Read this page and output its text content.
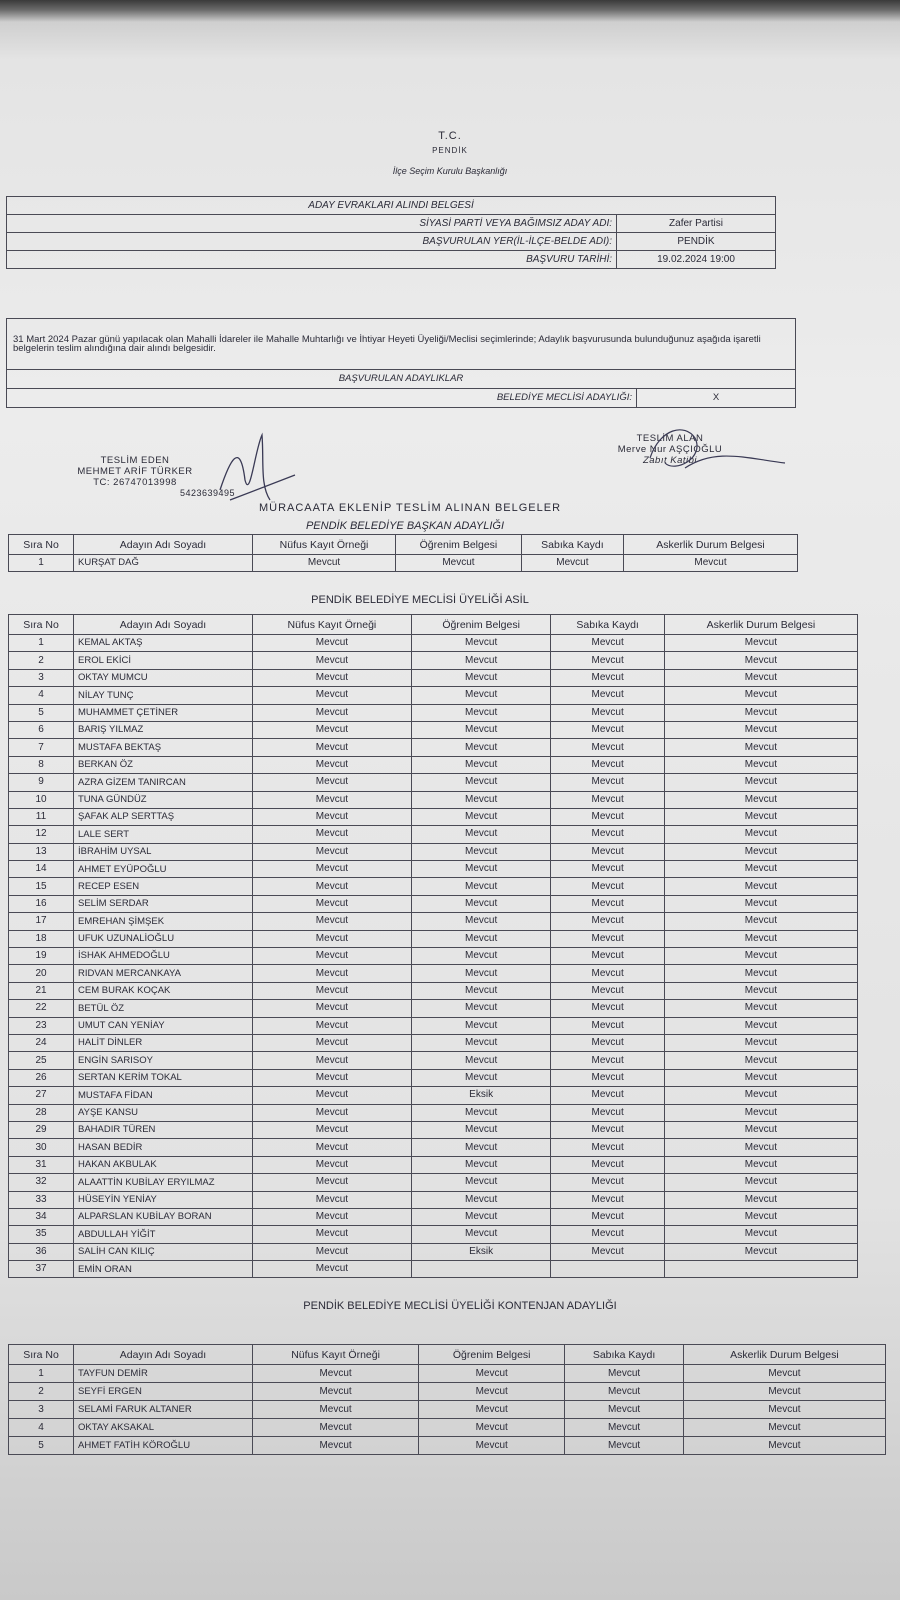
T.C.
PENDİK
İlçe Seçim Kurulu Başkanlığı
ADAY EVRAKLARI ALINDI BELGESİ	
SİYASİ PARTİ VEYA BAĞIMSIZ ADAY ADI:	Zafer Partisi
BAŞVURULAN YER(İL-İLÇE-BELDE ADI):	PENDİK
BAŞVURU TARİHİ:	19.02.2024 19:00
31 Mart 2024 Pazar günü yapılacak olan Mahalli İdareler ile Mahalle Muhtarlığı ve İhtiyar Heyeti Üyeliği/Meclisi seçimlerinde; Adaylık başvurusunda bulunduğunuz aşağıda işaretli belgelerin teslim alındığına dair alındı belgesidir.
BAŞVURULAN ADAYLIKLAR
BELEDİYE MECLİSİ ADAYLIĞI:	X
TESLİM EDEN
MEHMET ARİF TÜRKER
TC: 26747013998
5423639495
TESLİM ALAN
Merve Nur AŞÇIOĞLU
Zabıt Katibi
MÜRACAATA EKLENİP TESLİM ALINAN BELGELER
PENDİK BELEDİYE BAŞKAN ADAYLIĞI
Sıra No	Adayın Adı Soyadı	Nüfus Kayıt Örneği	Öğrenim Belgesi	Sabıka Kaydı	Askerlik Durum Belgesi
1	KURŞAT DAĞ	Mevcut	Mevcut	Mevcut	Mevcut
PENDİK BELEDİYE MECLİSİ ÜYELİĞİ ASİL
Sıra No	Adayın Adı Soyadı	Nüfus Kayıt Örneği	Öğrenim Belgesi	Sabıka Kaydı	Askerlik Durum Belgesi
1	KEMAL AKTAŞ	Mevcut	Mevcut	Mevcut	Mevcut
2	EROL EKİCİ	Mevcut	Mevcut	Mevcut	Mevcut
3	OKTAY MUMCU	Mevcut	Mevcut	Mevcut	Mevcut
4	NİLAY TUNÇ	Mevcut	Mevcut	Mevcut	Mevcut
5	MUHAMMET ÇETİNER	Mevcut	Mevcut	Mevcut	Mevcut
6	BARIŞ YILMAZ	Mevcut	Mevcut	Mevcut	Mevcut
7	MUSTAFA BEKTAŞ	Mevcut	Mevcut	Mevcut	Mevcut
8	BERKAN ÖZ	Mevcut	Mevcut	Mevcut	Mevcut
9	AZRA GİZEM TANIRCAN	Mevcut	Mevcut	Mevcut	Mevcut
10	TUNA GÜNDÜZ	Mevcut	Mevcut	Mevcut	Mevcut
11	ŞAFAK ALP SERTTAŞ	Mevcut	Mevcut	Mevcut	Mevcut
12	LALE SERT	Mevcut	Mevcut	Mevcut	Mevcut
13	İBRAHİM UYSAL	Mevcut	Mevcut	Mevcut	Mevcut
14	AHMET EYÜPOĞLU	Mevcut	Mevcut	Mevcut	Mevcut
15	RECEP ESEN	Mevcut	Mevcut	Mevcut	Mevcut
16	SELİM SERDAR	Mevcut	Mevcut	Mevcut	Mevcut
17	EMREHAN ŞİMŞEK	Mevcut	Mevcut	Mevcut	Mevcut
18	UFUK UZUNALİOĞLU	Mevcut	Mevcut	Mevcut	Mevcut
19	İSHAK AHMEDOĞLU	Mevcut	Mevcut	Mevcut	Mevcut
20	RIDVAN MERCANKAYA	Mevcut	Mevcut	Mevcut	Mevcut
21	CEM BURAK KOÇAK	Mevcut	Mevcut	Mevcut	Mevcut
22	BETÜL ÖZ	Mevcut	Mevcut	Mevcut	Mevcut
23	UMUT CAN YENİAY	Mevcut	Mevcut	Mevcut	Mevcut
24	HALİT DİNLER	Mevcut	Mevcut	Mevcut	Mevcut
25	ENGİN SARISOY	Mevcut	Mevcut	Mevcut	Mevcut
26	SERTAN KERİM TOKAL	Mevcut	Mevcut	Mevcut	Mevcut
27	MUSTAFA FİDAN	Mevcut	Eksik	Mevcut	Mevcut
28	AYŞE KANSU	Mevcut	Mevcut	Mevcut	Mevcut
29	BAHADIR TÜREN	Mevcut	Mevcut	Mevcut	Mevcut
30	HASAN BEDİR	Mevcut	Mevcut	Mevcut	Mevcut
31	HAKAN AKBULAK	Mevcut	Mevcut	Mevcut	Mevcut
32	ALAATTİN KUBİLAY ERYILMAZ	Mevcut	Mevcut	Mevcut	Mevcut
33	HÜSEYİN YENİAY	Mevcut	Mevcut	Mevcut	Mevcut
34	ALPARSLAN KUBİLAY BORAN	Mevcut	Mevcut	Mevcut	Mevcut
35	ABDULLAH YİĞİT	Mevcut	Mevcut	Mevcut	Mevcut
36	SALİH CAN KILIÇ	Mevcut	Eksik	Mevcut	Mevcut
37	EMİN ORAN	Mevcut			
PENDİK BELEDİYE MECLİSİ ÜYELİĞİ KONTENJAN ADAYLIĞI
Sıra No	Adayın Adı Soyadı	Nüfus Kayıt Örneği	Öğrenim Belgesi	Sabıka Kaydı	Askerlik Durum Belgesi
1	TAYFUN DEMİR	Mevcut	Mevcut	Mevcut	Mevcut
2	SEYFİ ERGEN	Mevcut	Mevcut	Mevcut	Mevcut
3	SELAMİ FARUK ALTANER	Mevcut	Mevcut	Mevcut	Mevcut
4	OKTAY AKSAKAL	Mevcut	Mevcut	Mevcut	Mevcut
5	AHMET FATİH KÖROĞLU	Mevcut	Mevcut	Mevcut	Mevcut
